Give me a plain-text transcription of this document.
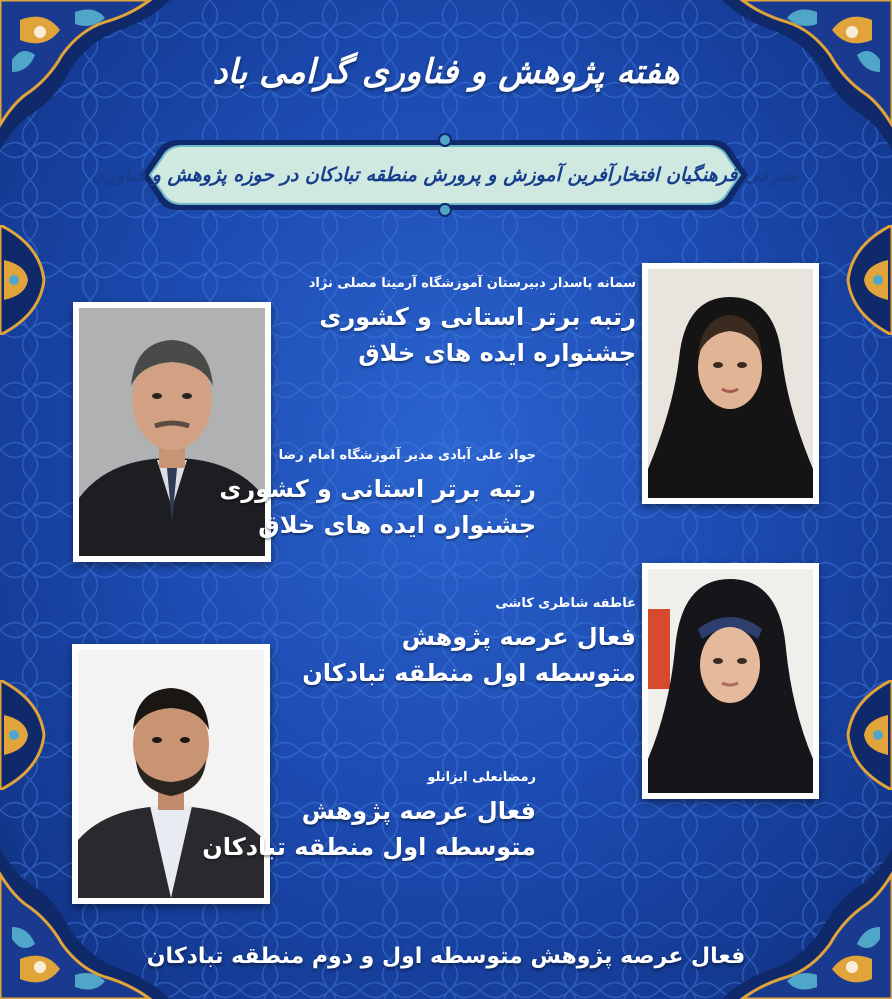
هفته پژوهش و فناوری گرامی باد
معرفی فرهنگیان افتخارآفرین آموزش و پرورش منطقه تبادکان در حوزه پژوهش و فناوری

سمانه پاسدار دبیرستان آموزشگاه آرمیتا مصلی نژاد

رتبه برتر استانی و کشوری

جشنواره ایده های خلاق

جواد علی آبادی مدیر آموزشگاه امام رضا

رتبه برتر استانی و کشوری

جشنواره ایده های خلاق

عاطفه شاطری کاشی

فعال عرصه پژوهش

متوسطه اول منطقه تبادکان

رمضانعلی ایزانلو

فعال عرصه پژوهش

متوسطه اول منطقه تبادکان

فعال عرصه پژوهش متوسطه اول و دوم منطقه تبادکان
